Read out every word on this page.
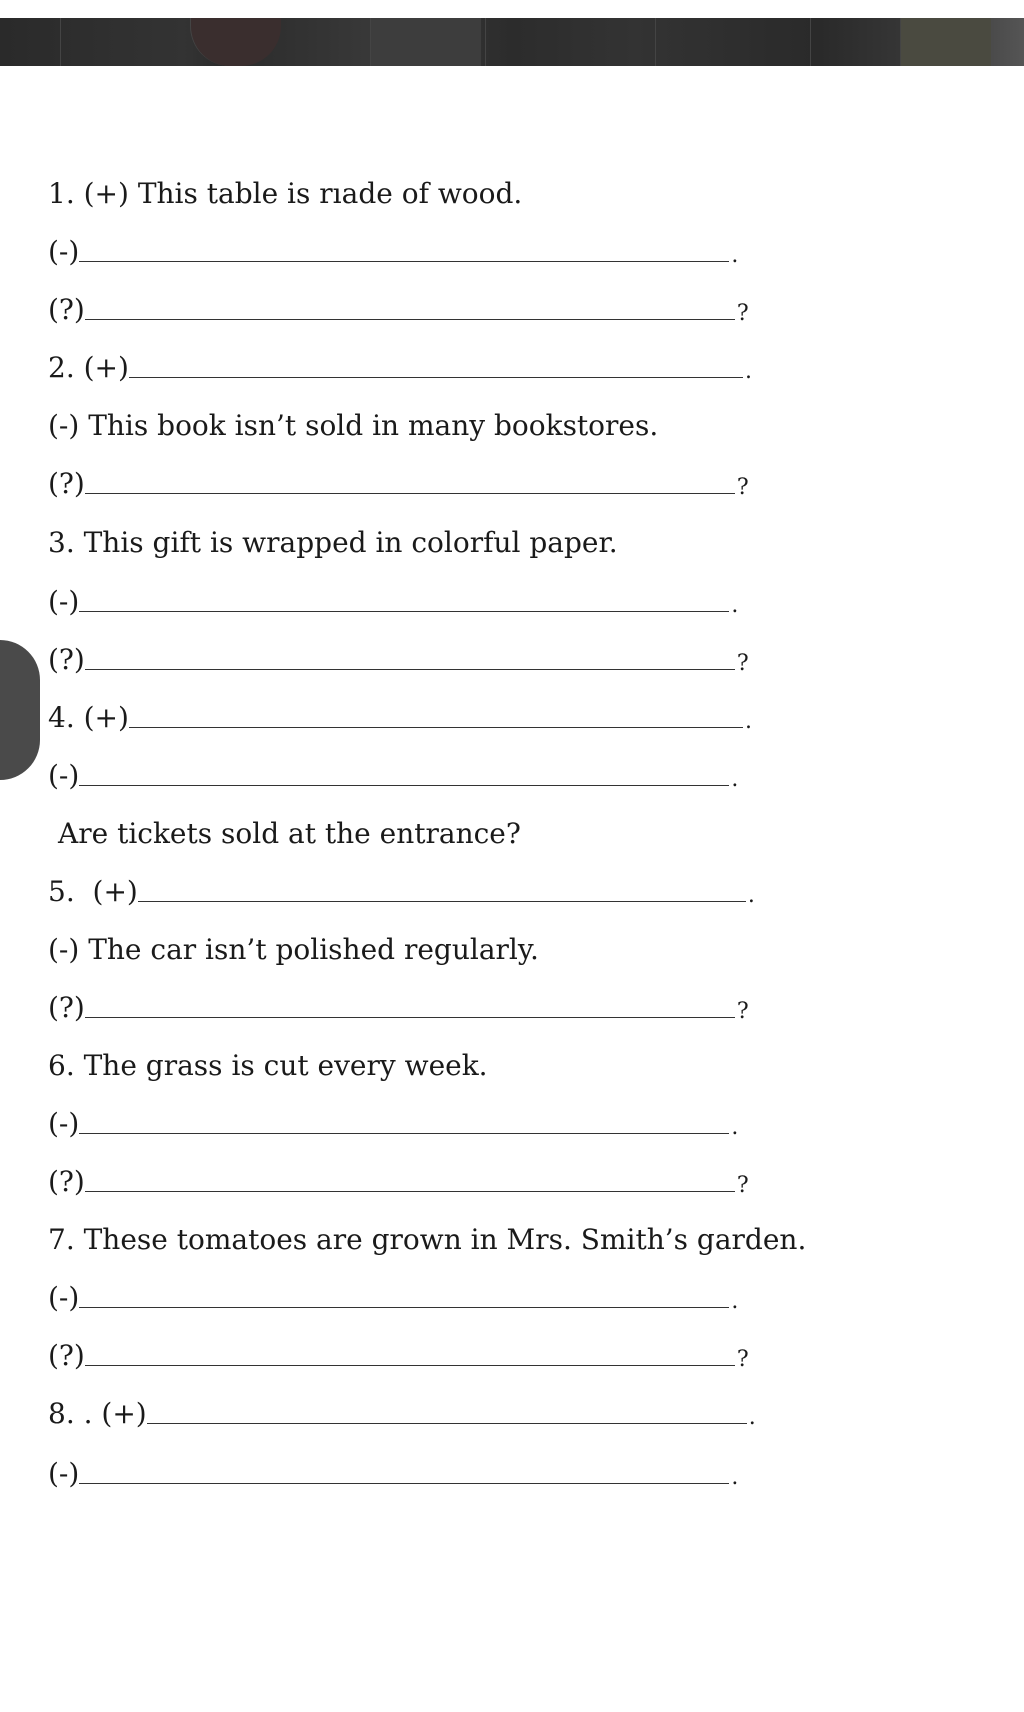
1. (+) This table is rıade of wood.
(-)	.
(?)	?
2. (+)	.
(-) This book isn’t sold in many bookstores.
(?)	?
3. This gift is wrapped in colorful paper.
(-)	.
(?)	?
4. (+)	.
(-)	.
Are tickets sold at the entrance?
5.  (+)	.
(-) The car isn’t polished regularly.
(?)	?
6. The grass is cut every week.
(-)	.
(?)	?
7. These tomatoes are grown in Mrs. Smith’s garden.
(-)	.
(?)	?
8. . (+)	.
(-)	.
